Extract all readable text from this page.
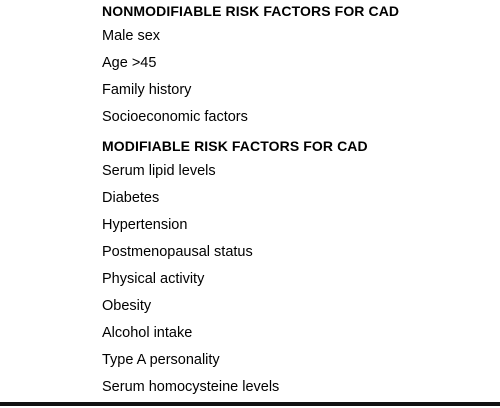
NONMODIFIABLE RISK FACTORS FOR CAD
Male sex
Age >45
Family history
Socioeconomic factors
MODIFIABLE RISK FACTORS FOR CAD
Serum lipid levels
Diabetes
Hypertension
Postmenopausal status
Physical activity
Obesity
Alcohol intake
Type A personality
Serum homocysteine levels
